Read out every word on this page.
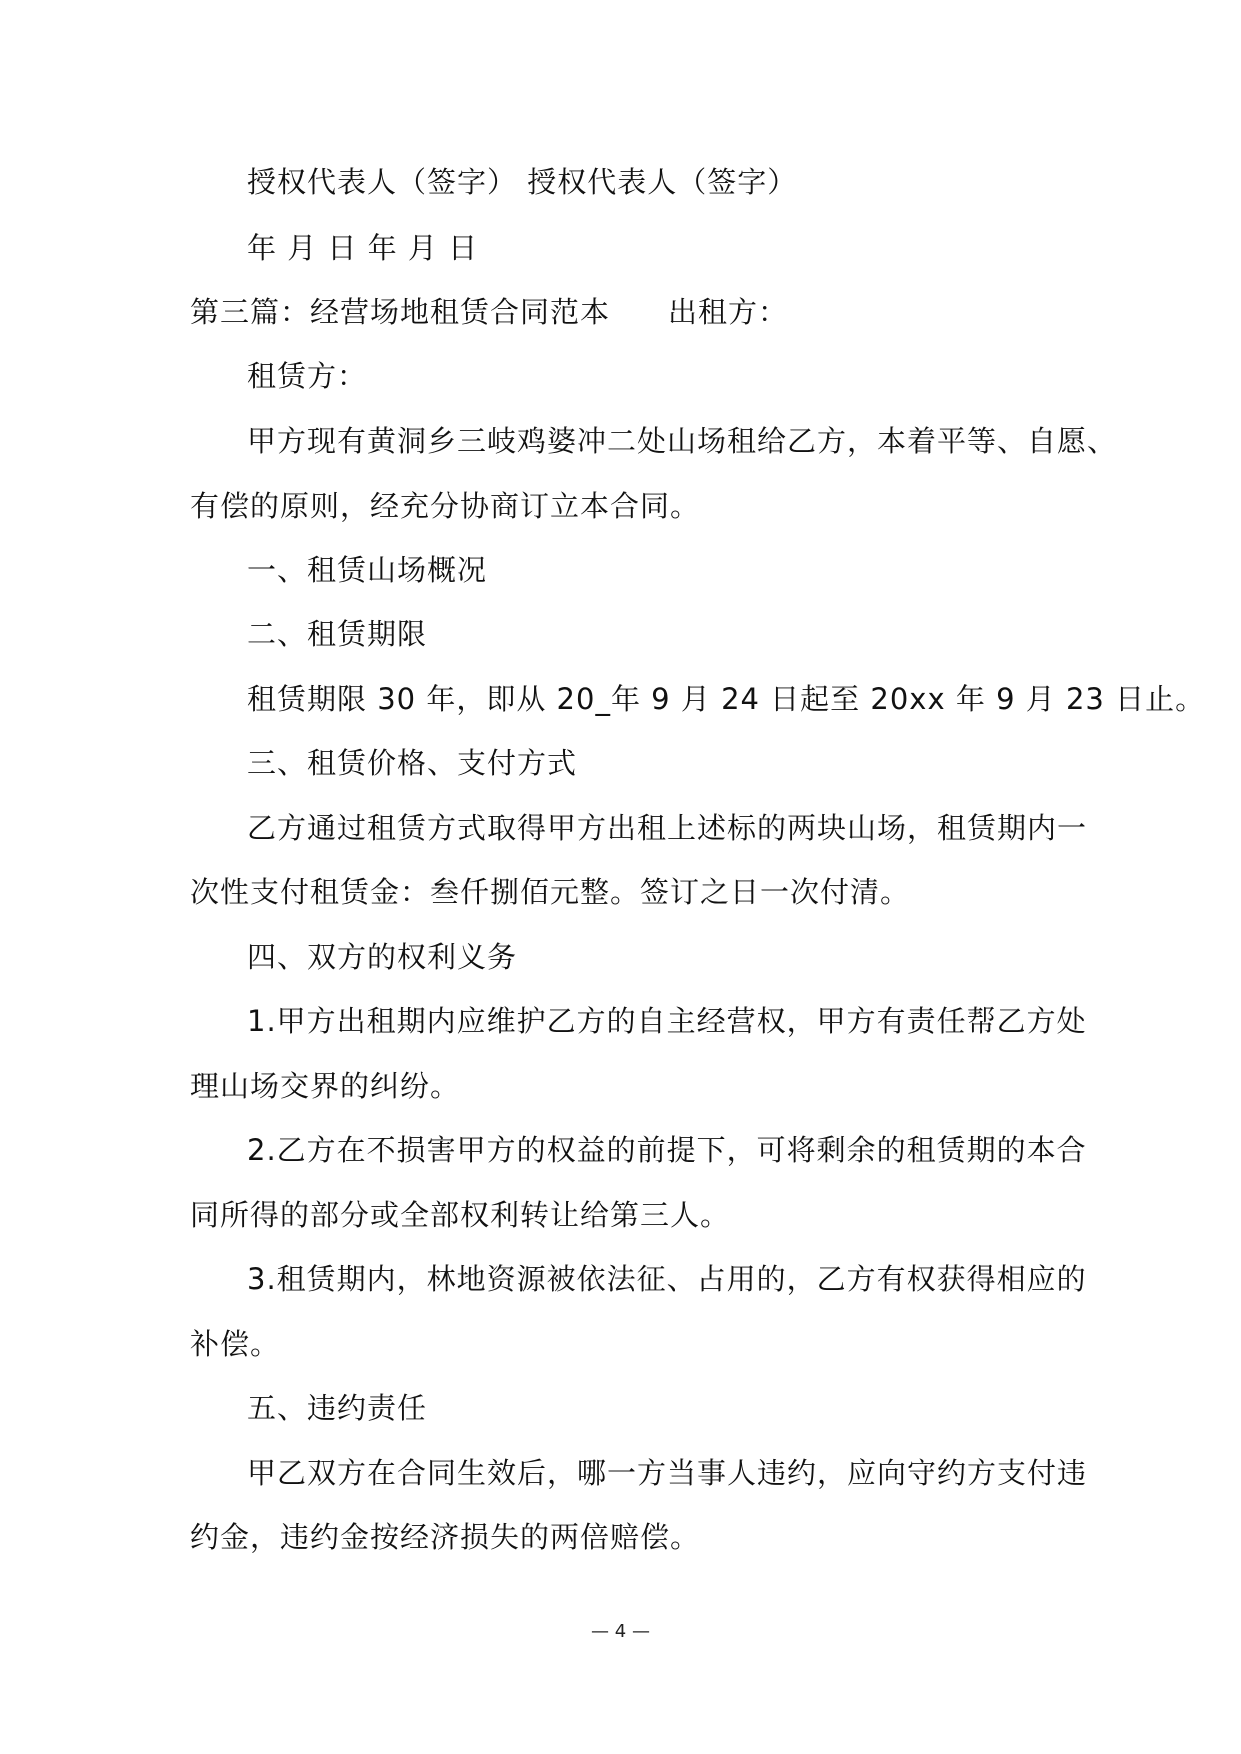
授权代表人（签字） 授权代表人（签字）
年 月 日 年 月 日
第三篇：经营场地租赁合同范本 出租方：
租赁方：
甲方现有黄洞乡三岐鸡婆冲二处山场租给乙方，本着平等、自愿、
有偿的原则，经充分协商订立本合同。
一、租赁山场概况
二、租赁期限
租赁期限 30 年，即从 20_年 9 月 24 日起至 20xx 年 9 月 23 日止。
三、租赁价格、支付方式
乙方通过租赁方式取得甲方出租上述标的两块山场，租赁期内一
次性支付租赁金：叁仟捌佰元整。签订之日一次付清。
四、双方的权利义务
1.甲方出租期内应维护乙方的自主经营权，甲方有责任帮乙方处
理山场交界的纠纷。
2.乙方在不损害甲方的权益的前提下，可将剩余的租赁期的本合
同所得的部分或全部权利转让给第三人。
3.租赁期内，林地资源被依法征、占用的，乙方有权获得相应的
补偿。
五、违约责任
甲乙双方在合同生效后，哪一方当事人违约，应向守约方支付违
约金，违约金按经济损失的两倍赔偿。
— 4 —
